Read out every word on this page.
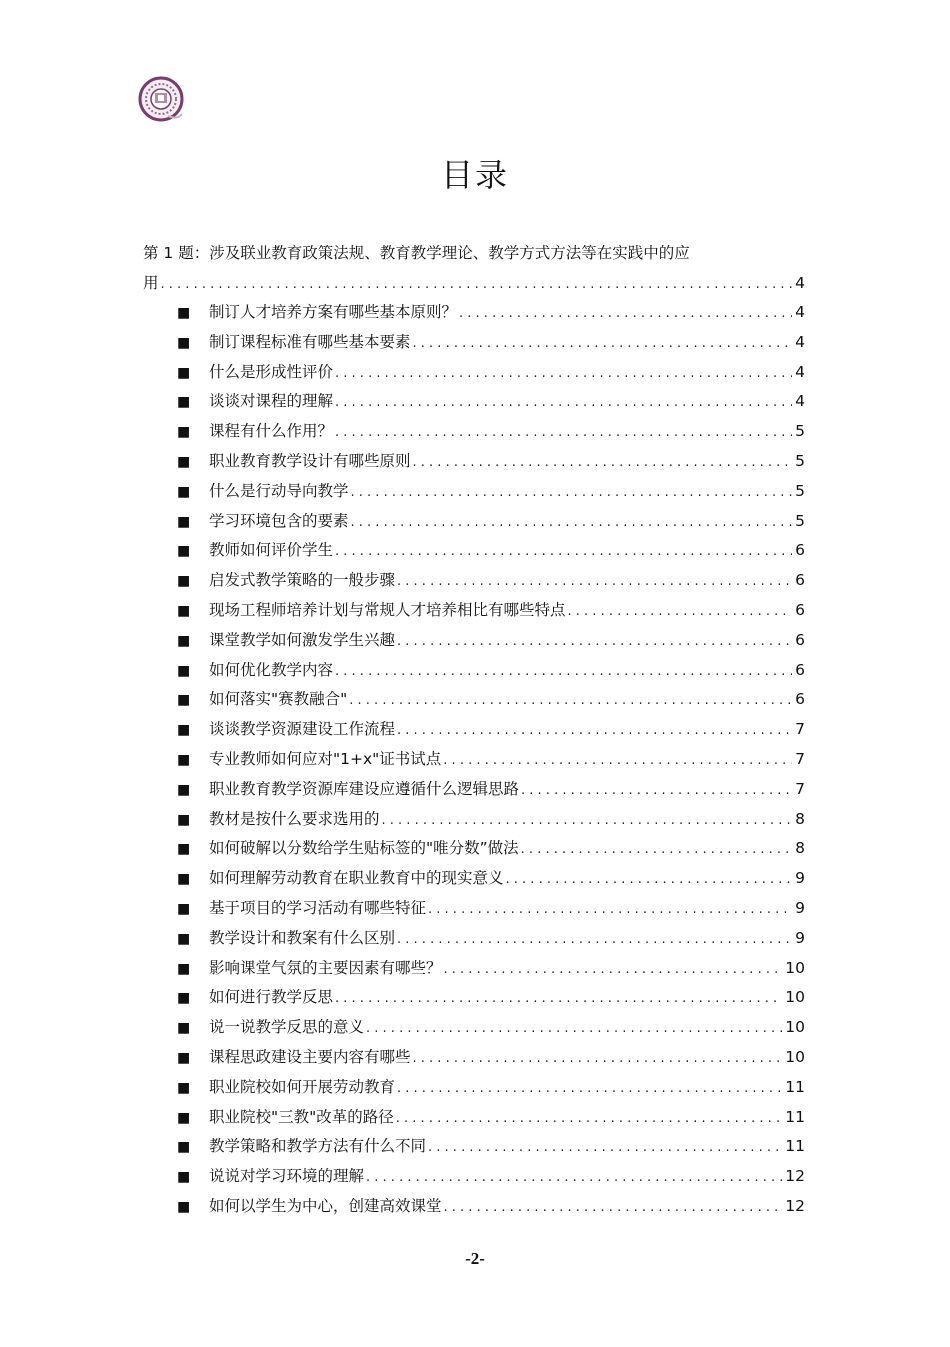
目录
第 1 题：涉及联业教育政策法规、教育教学理论、教学方式方法等在实践中的应
用 . . .	4
■	制订人才培养方案有哪些基本原则？ . . .	4
■	制订课程标准有哪些基本要素 . . .	4
■	什么是形成性评价 . . .	4
■	谈谈对课程的理解 . . .	4
■	课程有什么作用？ . . .	5
■	职业教育教学设计有哪些原则 . . .	5
■	什么是行动导向教学 . . .	5
■	学习环境包含的要素 . . .	5
■	教师如何评价学生 . . .	6
■	启发式教学策略的一般步骤 . . .	6
■	现场工程师培养计划与常规人才培养相比有哪些特点 . . .	6
■	课堂教学如何激发学生兴趣 . . .	6
■	如何优化教学内容 . . .	6
■	如何落实"赛教融合" . . .	6
■	谈谈教学资源建设工作流程 . . .	7
■	专业教师如何应对"1+x"证书试点 . . .	7
■	职业教育教学资源库建设应遵循什么逻辑思路 . . .	7
■	教材是按什么要求选用的 . . .	8
■	如何破解以分数给学生贴标签的"唯分数”做法 . . .	8
■	如何理解劳动教育在职业教育中的现实意义 . . .	9
■	基于项目的学习活动有哪些特征 . . .	9
■	教学设计和教案有什么区别 . . .	9
■	影响课堂气氛的主要因素有哪些？ . . .	10
■	如何进行教学反思 . . .	10
■	说一说教学反思的意义 . . .	10
■	课程思政建设主要内容有哪些 . . .	10
■	职业院校如何开展劳动教育 . . .	11
■	职业院校"三教"改革的路径 . . .	11
■	教学策略和教学方法有什么不同 . . .	11
■	说说对学习环境的理解 . . .	12
■	如何以学生为中心，创建高效课堂 . . .	12
-2-
